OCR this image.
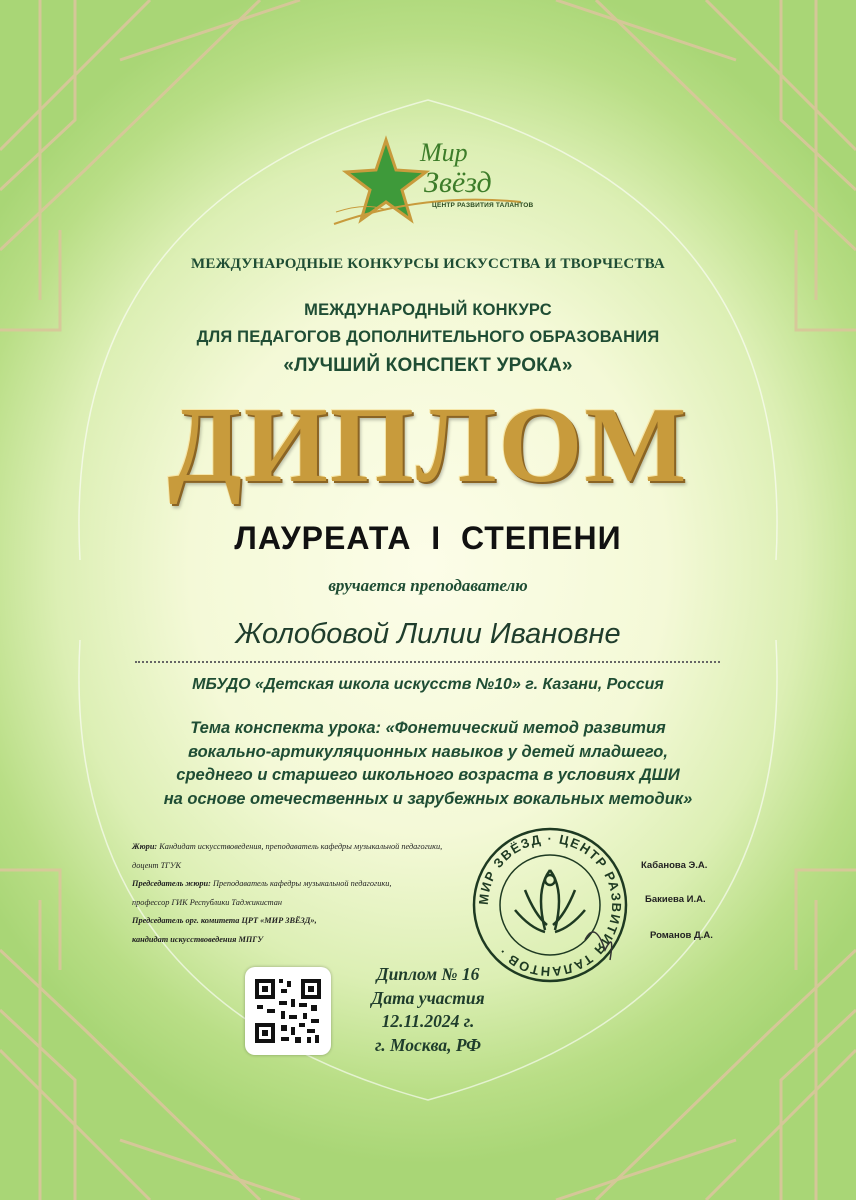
Мир
Звёзд
ЦЕНТР РАЗВИТИЯ ТАЛАНТОВ
МЕЖДУНАРОДНЫЕ КОНКУРСЫ ИСКУССТВА И ТВОРЧЕСТВА
МЕЖДУНАРОДНЫЙ КОНКУРС
ДЛЯ ПЕДАГОГОВ ДОПОЛНИТЕЛЬНОГО ОБРАЗОВАНИЯ
«ЛУЧШИЙ КОНСПЕКТ УРОКА»
ДИПЛОМ
ЛАУРЕАТА  I  СТЕПЕНИ
вручается преподавателю
Жолобовой Лилии Ивановне
МБУДО «Детская школа искусств №10» г. Казани, Россия
Тема конспекта урока: «Фонетический метод развития
вокально-артикуляционных навыков у детей младшего,
среднего и старшего школьного возраста в условиях ДШИ
на основе отечественных и зарубежных вокальных методик»
Жюри: Кандидат искусствоведения, преподаватель кафедры музыкальной педагогики,
доцент ТГУК
Председатель жюри: Преподаватель кафедры музыкальной педагогики,
профессор ГИК Республики Таджикистан
Председатель орг. комитета ЦРТ «МИР ЗВЁЗД»,
кандидат искусствоведения МПГУ
МИР ЗВЁЗД · ЦЕНТР РАЗВИТИЯ ТАЛАНТОВ ·
Кабанова Э.А.
Бакиева И.А.
Романов Д.А.
Диплом № 16
Дата участия
12.11.2024 г.
г. Москва, РФ
